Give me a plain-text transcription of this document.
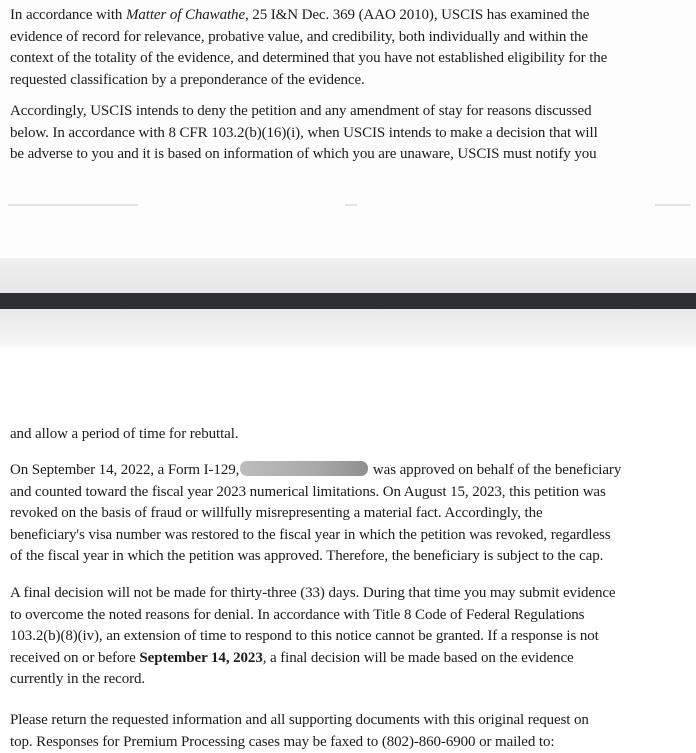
In accordance with Matter of Chawathe, 25 I&N Dec. 369 (AAO 2010), USCIS has examined the
evidence of record for relevance, probative value, and credibility, both individually and within the
context of the totality of the evidence, and determined that you have not established eligibility for the
requested classification by a preponderance of the evidence.

Accordingly, USCIS intends to deny the petition and any amendment of stay for reasons discussed
below. In accordance with 8 CFR 103.2(b)(16)(i), when USCIS intends to make a decision that will
be adverse to you and it is based on information of which you are unaware, USCIS must notify you

and allow a period of time for rebuttal.

On September 14, 2022, a Form I-129,	was approved on behalf of the beneficiary
and counted toward the fiscal year 2023 numerical limitations. On August 15, 2023, this petition was
revoked on the basis of fraud or willfully misrepresenting a material fact. Accordingly, the
beneficiary's visa number was restored to the fiscal year in which the petition was revoked, regardless
of the fiscal year in which the petition was approved. Therefore, the beneficiary is subject to the cap.

A final decision will not be made for thirty-three (33) days. During that time you may submit evidence
to overcome the noted reasons for denial. In accordance with Title 8 Code of Federal Regulations
103.2(b)(8)(iv), an extension of time to respond to this notice cannot be granted. If a response is not
received on or before September 14, 2023, a final decision will be made based on the evidence
currently in the record.

Please return the requested information and all supporting documents with this original request on
top. Responses for Premium Processing cases may be faxed to (802)-860-6900 or mailed to:
